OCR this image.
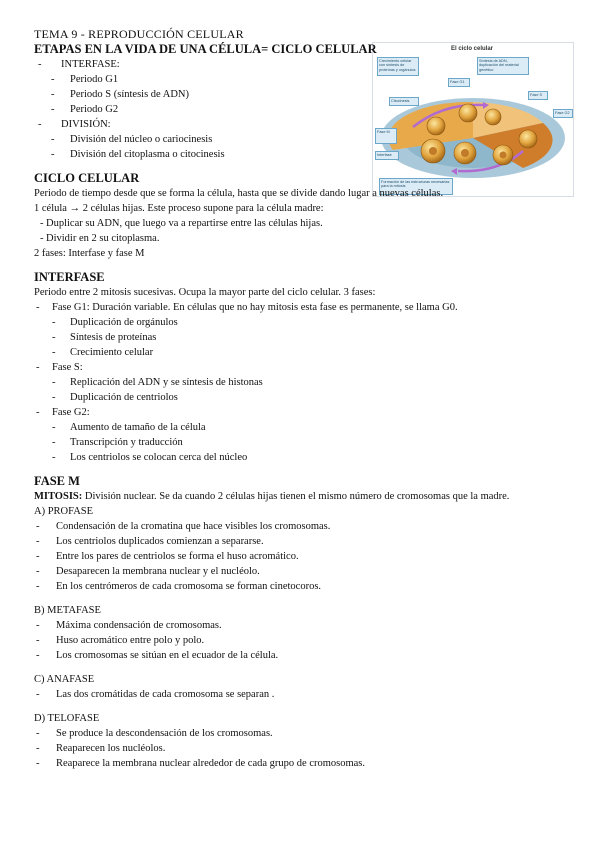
El ciclo celular
Crecimiento celular con síntesis de proteínas y orgánulos
Síntesis de ADN, duplicación del material genético
Fase G1
Fase S
Fase G2
Citocinesis
Fase M
Interfase
Formación de las estructuras necesarias para la mitosis
TEMA 9 - REPRODUCCIÓN CELULAR
ETAPAS EN LA VIDA DE UNA CÉLULA= CICLO CELULAR
- INTERFASE:
- Periodo G1
- Periodo S (síntesis de ADN)
- Periodo G2
- DIVISIÓN:
- División del núcleo o cariocinesis
- División del citoplasma o citocinesis
CICLO CELULAR
Periodo de tiempo desde que se forma la célula, hasta que se divide dando lugar a nuevas células.
1 célula → 2 células hijas. Este proceso supone para la célula madre:
- Duplicar su ADN, que luego va a repartirse entre las células hijas.
- Dividir en 2 su citoplasma.
2 fases: Interfase y fase M
INTERFASE
Periodo entre 2 mitosis sucesivas. Ocupa la mayor parte del ciclo celular. 3 fases:
- Fase G1: Duración variable. En células que no hay mitosis esta fase es permanente, se llama G0.
- Duplicación de orgánulos
- Síntesis de proteínas
- Crecimiento celular
- Fase S:
- Replicación del ADN y se síntesis de histonas
- Duplicación de centriolos
- Fase G2:
- Aumento de tamaño de la célula
- Transcripción y traducción
- Los centriolos se colocan cerca del núcleo
FASE M
MITOSIS: División nuclear. Se da cuando 2 células hijas tienen el mismo número de cromosomas que la madre.
A) PROFASE
- Condensación de la cromatina que hace visibles los cromosomas.
- Los centriolos duplicados comienzan a separarse.
- Entre los pares de centriolos se forma el huso acromático.
- Desaparecen la membrana nuclear y el nucléolo.
- En los centrómeros de cada cromosoma se forman cinetocoros.
B) METAFASE
- Máxima condensación de cromosomas.
- Huso acromático entre polo y polo.
- Los cromosomas se sitúan en el ecuador de la célula.
C) ANAFASE
- Las dos cromátidas de cada cromosoma se separan .
D) TELOFASE
- Se produce la descondensación de los cromosomas.
- Reaparecen los nucléolos.
- Reaparece la membrana nuclear alrededor de cada grupo de cromosomas.
